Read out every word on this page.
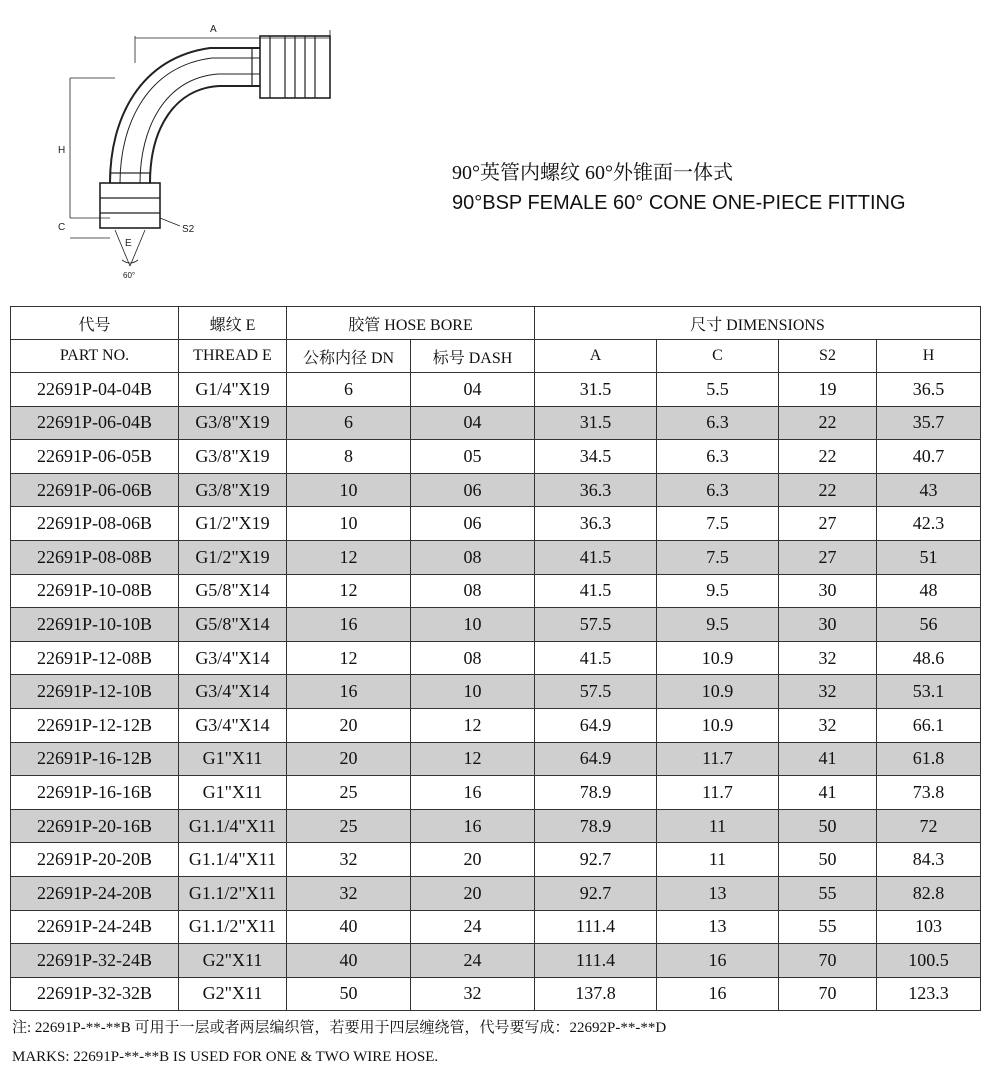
A
H
C
E
S2
60°
90°英管内螺纹 60°外锥面一体式
90°BSP FEMALE 60° CONE ONE-PIECE FITTING
代号	螺纹 E	胶管 HOSE BORE		尺寸 DIMENSIONS			
PART NO.	THREAD E	公称内径 DN	标号 DASH	A	C	S2	H
22691P-04-04B	G1/4"X19	6	04	31.5	5.5	19	36.5
22691P-06-04B	G3/8"X19	6	04	31.5	6.3	22	35.7
22691P-06-05B	G3/8"X19	8	05	34.5	6.3	22	40.7
22691P-06-06B	G3/8"X19	10	06	36.3	6.3	22	43
22691P-08-06B	G1/2"X19	10	06	36.3	7.5	27	42.3
22691P-08-08B	G1/2"X19	12	08	41.5	7.5	27	51
22691P-10-08B	G5/8"X14	12	08	41.5	9.5	30	48
22691P-10-10B	G5/8"X14	16	10	57.5	9.5	30	56
22691P-12-08B	G3/4"X14	12	08	41.5	10.9	32	48.6
22691P-12-10B	G3/4"X14	16	10	57.5	10.9	32	53.1
22691P-12-12B	G3/4"X14	20	12	64.9	10.9	32	66.1
22691P-16-12B	G1"X11	20	12	64.9	11.7	41	61.8
22691P-16-16B	G1"X11	25	16	78.9	11.7	41	73.8
22691P-20-16B	G1.1/4"X11	25	16	78.9	11	50	72
22691P-20-20B	G1.1/4"X11	32	20	92.7	11	50	84.3
22691P-24-20B	G1.1/2"X11	32	20	92.7	13	55	82.8
22691P-24-24B	G1.1/2"X11	40	24	111.4	13	55	103
22691P-32-24B	G2"X11	40	24	111.4	16	70	100.5
22691P-32-32B	G2"X11	50	32	137.8	16	70	123.3
注: 22691P-**-**B 可用于一层或者两层编织管，若要用于四层缠绕管，代号要写成：22692P-**-**D
MARKS: 22691P-**-**B IS USED FOR ONE & TWO WIRE HOSE.
